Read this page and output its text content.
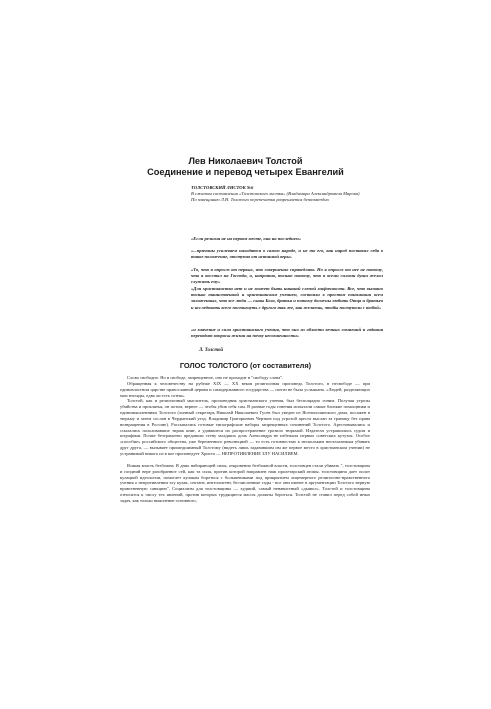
Лев Николаевич Толстой
Соединение и перевод четырех Евангелий
ТОЛСТОВСКИЙ ЛИСТОК №6
В сжатом составлении «Толстовского листка» (Владимира Александровича Марова)
По завещанию Л.Н. Толстого перепечатка разрешается безвозмездно
«Если религия не на первом месте, она на последнем»
«...причины усилеваем находятся в самом народе, и не то его, как народ поставил себя в такое положение, отступив от истинной веры»
«То, что я опроглз от первых, это совершенно справедливо. Но я опроглз от нее не потому, что я восстал на Господа, а, напротив, только потому, что я всеми силами души желал служить ему»
«Для христианства нет и не может быть никакой слепой мифичности. Все, что вызвано только таинственной и христианским учением, состояли в простом понимании всем заложенных, что все люди — сыны Бога, братья и потому должны любить Отца и братьев и исследовать всего постигнуть с другого так же, как желаешь, чтобы поступали с тобой»
«и значение и сила христианского учения, что оно из области вечных сомнений и гадания переводит вопросы жизни на почву несомненности»
Л. Толстой
ГОЛОС ТОЛСТОГО (от составителя)

Слово свободно. Но в свободе, запрещенное, оно не проходит в "свободу слова".

Обращенная к человечеству на рубеже XIX — XX веков религиозная проповедь Толстого, в несвободе — при единовластном царстве православной церкви и самодержавного государства — почти не была услышана. «Людей, разделяющих мои взгляды, едва ли есть сотня».

Толстой, как и религиозный мыслитель, проповедник христианского учения, был беспощадно гоним. Получая угрозы убийства и проклятья, он потом, вернее — чтобы убив себя сам. В разные годы гонения испытали самые близкие помощники и единомышленники Толстого (личный секретарь Николай Николаевич Гусев был уведен из Ясенополянского дома, посажен в тюрьму и затем сослан в Чердынский уезд. Владимир Григорьевич Чертков под угрозой ареста выслан за границу без права возвращения в Россию). Рассыпались готовые типографские наборы запрещенных сочинений Толстого. Арестовывались и ссылались пользовавшие тираж книг, а удавшиеся их распространение грозило тюрьмой. Издатели устрашились судом и штрафами. Позже безграмотно предавали стену младших дочь Александра не избежала первых советских кутузок. Особое «пособие» российского общества, уже беременного революцией — то есть готовностью к нескольким неотлагаемым убивать друг друга, — вызывает пришедшимный Толстому (видеть лишь задавившим им же первое место в христианском учении) не устранимый никого из в кое проповедует Христа — НЕПРОТИВЛЕНИЕ ЗЛУ НАСИЛИЕМ.

Всякая власть безбожна. В днях набирающей силы, откровенно безбожной власти, толстовцев стали убивать ", толстовщина и поздний вере разобранное сей, как та сила, против которой направлен наш пролетарский атомы. толстовщина дает оплот кулацкой идеологии, помогает кулакам бороться с большевиками под прикрытием лицемерного религиозно-нравственного учения о непротивлении злу кулак, сектант, интеллигент, бесчисленные гады - все они имеют в аргументации Толстого верную нравственную санкцию". Социализм для толстовщины — худший, самый ненавистный «дьявол». Толстой и толстовщина относятся к числу тех явлений, против которых трудящиеся массы должны бороться. Толстой не ставил перед собой иных задач, как только выяснение основного,
